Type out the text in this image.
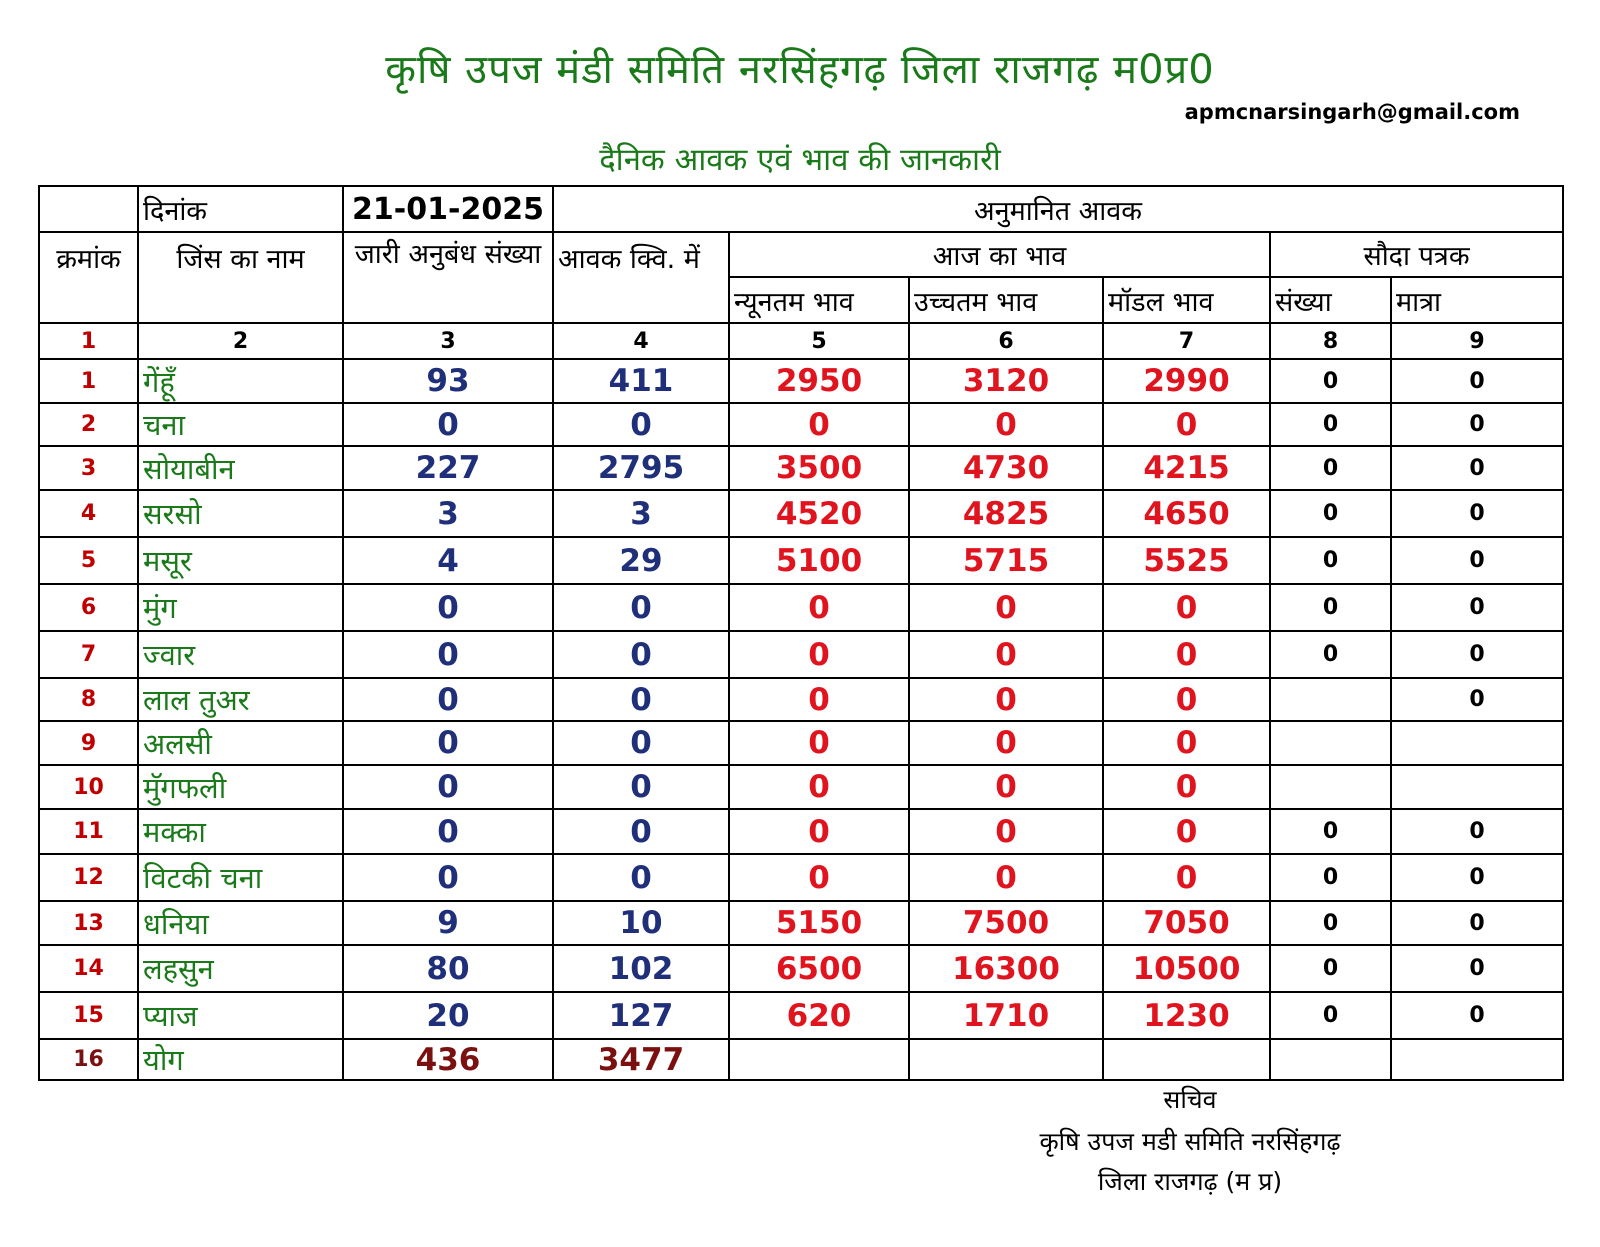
कृषि उपज मंडी समिति नरसिंहगढ़ जिला राजगढ़ म0प्र0
apmcnarsingarh@gmail.com
दैनिक आवक एवं भाव की जानकारी
	दिनांक	21-01-2025	अनुमानित आवक					
क्रमांक	जिंस का नाम	जारी अनुबंध संख्या	आवक क्वि. में	आज का भाव			सौदा पत्रक	
				न्यूनतम भाव	उच्चतम भाव	मॉडल भाव	संख्या	मात्रा
1	2	3	4	5	6	7	8	9
1	गेंहूँ	93	411	2950	3120	2990	0	0
2	चना	0	0	0	0	0	0	0
3	सोयाबीन	227	2795	3500	4730	4215	0	0
4	सरसो	3	3	4520	4825	4650	0	0
5	मसूर	4	29	5100	5715	5525	0	0
6	मुंग	0	0	0	0	0	0	0
7	ज्वार	0	0	0	0	0	0	0
8	लाल तुअर	0	0	0	0	0		0
9	अलसी	0	0	0	0	0		
10	मुॅगफली	0	0	0	0	0		
11	मक्का	0	0	0	0	0	0	0
12	विटकी चना	0	0	0	0	0	0	0
13	धनिया	9	10	5150	7500	7050	0	0
14	लहसुन	80	102	6500	16300	10500	0	0
15	प्याज	20	127	620	1710	1230	0	0
16	योग	436	3477					
सचिव
कृषि उपज मडी समिति नरसिंहगढ़
जिला राजगढ़ (म प्र)
